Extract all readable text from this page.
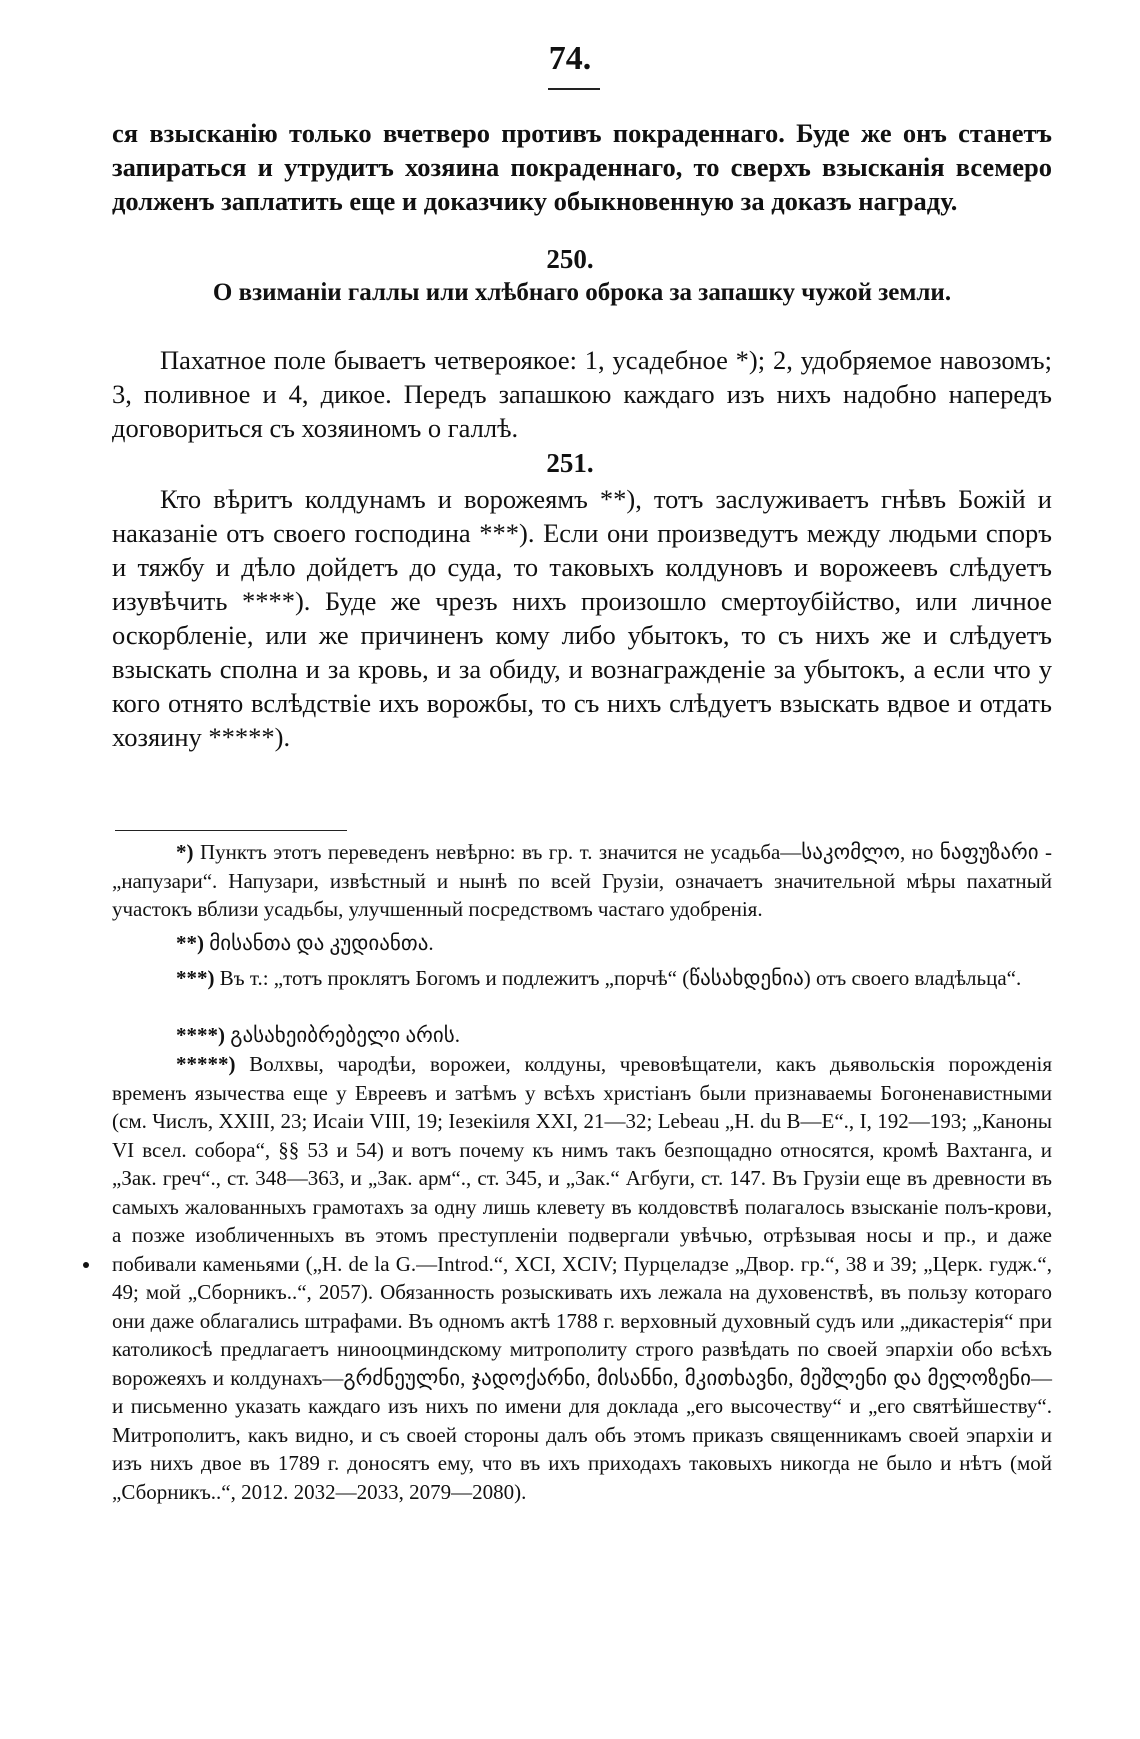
74.

ся взысканію только вчетверо противъ покраденнаго. Буде же онъ станетъ запираться и утрудитъ хозяина покраденнаго, то сверхъ взысканія всемеро долженъ заплатить еще и доказчику обыкновенную за доказъ награду.

250.

О взиманіи галлы или хлѣбнаго оброка за запашку чужой земли.

Пахатное поле бываетъ четвероякое: 1, усадебное *); 2, удобряемое навозомъ; 3, поливное и 4, дикое. Передъ запашкою каждаго изъ нихъ надобно напередъ договориться съ хозяиномъ о галлѣ.

251.

Кто вѣритъ колдунамъ и ворожеямъ **), тотъ заслуживаетъ гнѣвъ Божій и наказаніе отъ своего господина ***). Если они произведутъ между людьми споръ и тяжбу и дѣло дойдетъ до суда, то таковыхъ колдуновъ и ворожеевъ слѣдуетъ изувѣчить ****). Буде же чрезъ нихъ произошло смертоубійство, или личное оскорбленіе, или же причиненъ кому либо убытокъ, то съ нихъ же и слѣдуетъ взыскать сполна и за кровь, и за обиду, и вознагражденіе за убытокъ, а если что у кого отнято вслѣдствіе ихъ ворожбы, то съ нихъ слѣдуетъ взыскать вдвое и отдать хозяину *****).

*) Пунктъ этотъ переведенъ невѣрно: въ гр. т. значится не усадьба—საკომლო, но ნაფუზარი - „напузари“. Напузари, извѣстный и нынѣ по всей Грузіи, означаетъ значительной мѣры пахатный участокъ вблизи усадьбы, улучшенный посредствомъ частаго удобренія.

**) მისანთა და კუდიანთა.

***) Въ т.: „тотъ проклятъ Богомъ и подлежитъ „порчѣ“ (წასახდენია) отъ своего владѣльца“.

****) გასახეიბრებელი არის.

*****) Волхвы, чародѣи, ворожеи, колдуны, чревовѣщатели, какъ дьявольскія порожденія временъ язычества еще у Евреевъ и затѣмъ у всѣхъ христіанъ были признаваемы Богоненавистными (см. Числъ, XXIII, 23; Исаіи VIII, 19; Іезекіиля XXI, 21—32; Lebeau „H. du B—E“., I, 192—193; „Каноны VI всел. собора“, §§ 53 и 54) и вотъ почему къ нимъ такъ безпощадно относятся, кромѣ Вахтанга, и „Зак. греч“., ст. 348—363, и „Зак. арм“., ст. 345, и „Зак.“ Агбуги, ст. 147. Въ Грузіи еще въ древности въ самыхъ жалованныхъ грамотахъ за одну лишь клевету въ колдовствѣ полагалось взысканіе полъ-крови, а позже изобличенныхъ въ этомъ преступленіи подвергали увѣчью, отрѣзывая носы и пр., и даже побивали каменьями („H. de la G.—Introd.“, XCI, XCIV; Пурцеладзе „Двор. гр.“, 38 и 39; „Церк. гудж.“, 49; мой „Сборникъ..“, 2057). Обязанность розыскивать ихъ лежала на духовенствѣ, въ пользу котораго они даже облагались штрафами. Въ одномъ актѣ 1788 г. верховный духовный судъ или „дикастерія“ при католикосѣ предлагаетъ нинооцминдскому митрополиту строго развѣдать по своей эпархіи обо всѣхъ ворожеяхъ и колдунахъ—გრძნეულნი, ჯადოქარნი, მისანნი, მკითხავნი, მეშლენი და მელოზენი—и письменно указать каждаго изъ нихъ по имени для доклада „его высочеству“ и „его святѣйшеству“. Митрополитъ, какъ видно, и съ своей стороны далъ объ этомъ приказъ священникамъ своей эпархіи и изъ нихъ двое въ 1789 г. доносятъ ему, что въ ихъ приходахъ таковыхъ никогда не было и нѣтъ (мой „Сборникъ..“, 2012. 2032—2033, 2079—2080).
